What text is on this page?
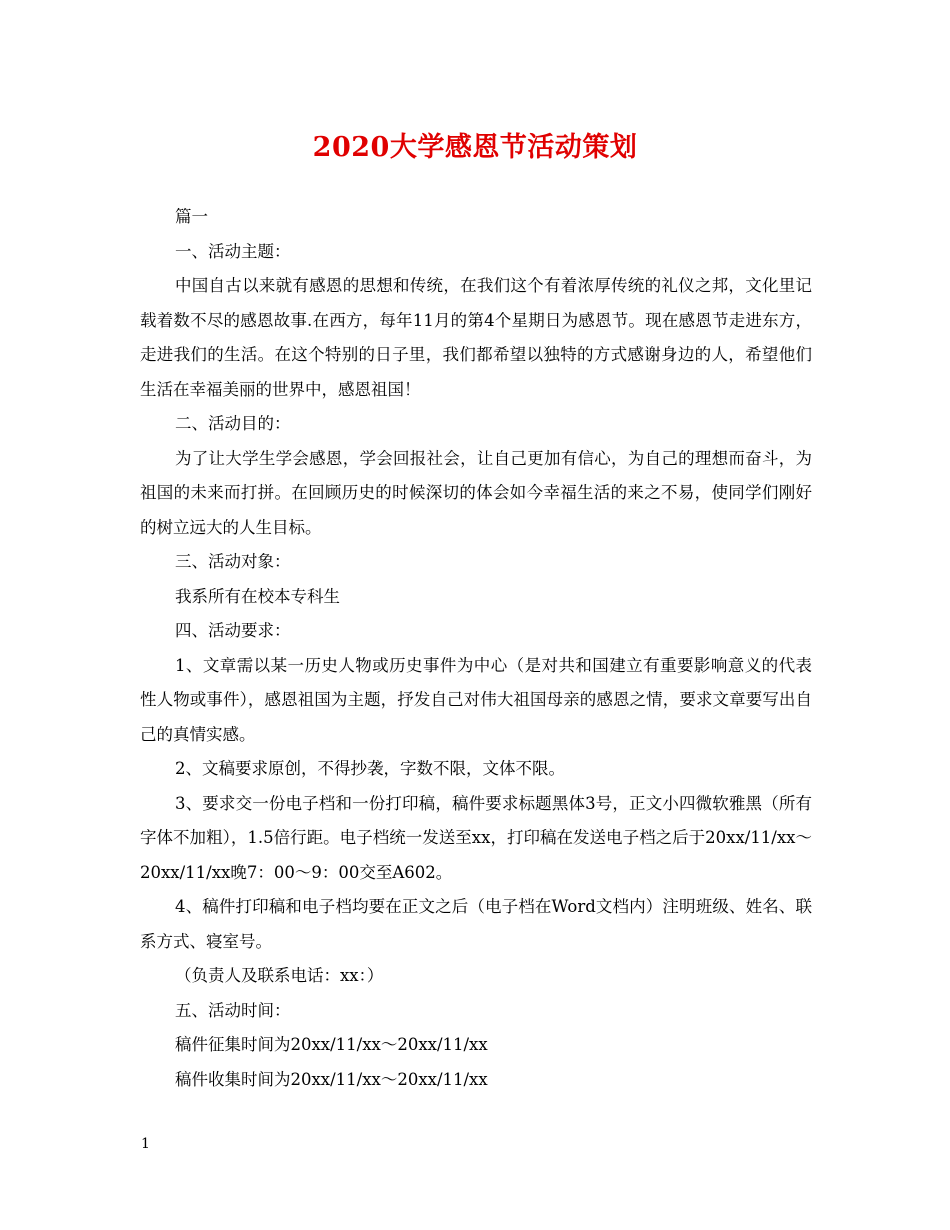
2020大学感恩节活动策划

篇一

一、活动主题：

中国自古以来就有感恩的思想和传统，在我们这个有着浓厚传统的礼仪之邦，文化里记载着数不尽的感恩故事.在西方，每年11月的第4个星期日为感恩节。现在感恩节走进东方，走进我们的生活。在这个特别的日子里，我们都希望以独特的方式感谢身边的人，希望他们生活在幸福美丽的世界中，感恩祖国！

二、活动目的：

为了让大学生学会感恩，学会回报社会，让自己更加有信心，为自己的理想而奋斗，为祖国的未来而打拼。在回顾历史的时候深切的体会如今幸福生活的来之不易，使同学们刚好的树立远大的人生目标。

三、活动对象：

我系所有在校本专科生

四、活动要求：

1、文章需以某一历史人物或历史事件为中心（是对共和国建立有重要影响意义的代表性人物或事件），感恩祖国为主题，抒发自己对伟大祖国母亲的感恩之情，要求文章要写出自己的真情实感。

2、文稿要求原创，不得抄袭，字数不限，文体不限。

3、要求交一份电子档和一份打印稿，稿件要求标题黑体3号，正文小四微软雅黑（所有字体不加粗），1.5倍行距。电子档统一发送至xx，打印稿在发送电子档之后于20xx/11/xx～20xx/11/xx晚7：00～9：00交至A602。

4、稿件打印稿和电子档均要在正文之后（电子档在Word文档内）注明班级、姓名、联系方式、寝室号。

（负责人及联系电话：xx：）

五、活动时间：

稿件征集时间为20xx/11/xx～20xx/11/xx

稿件收集时间为20xx/11/xx～20xx/11/xx

1
